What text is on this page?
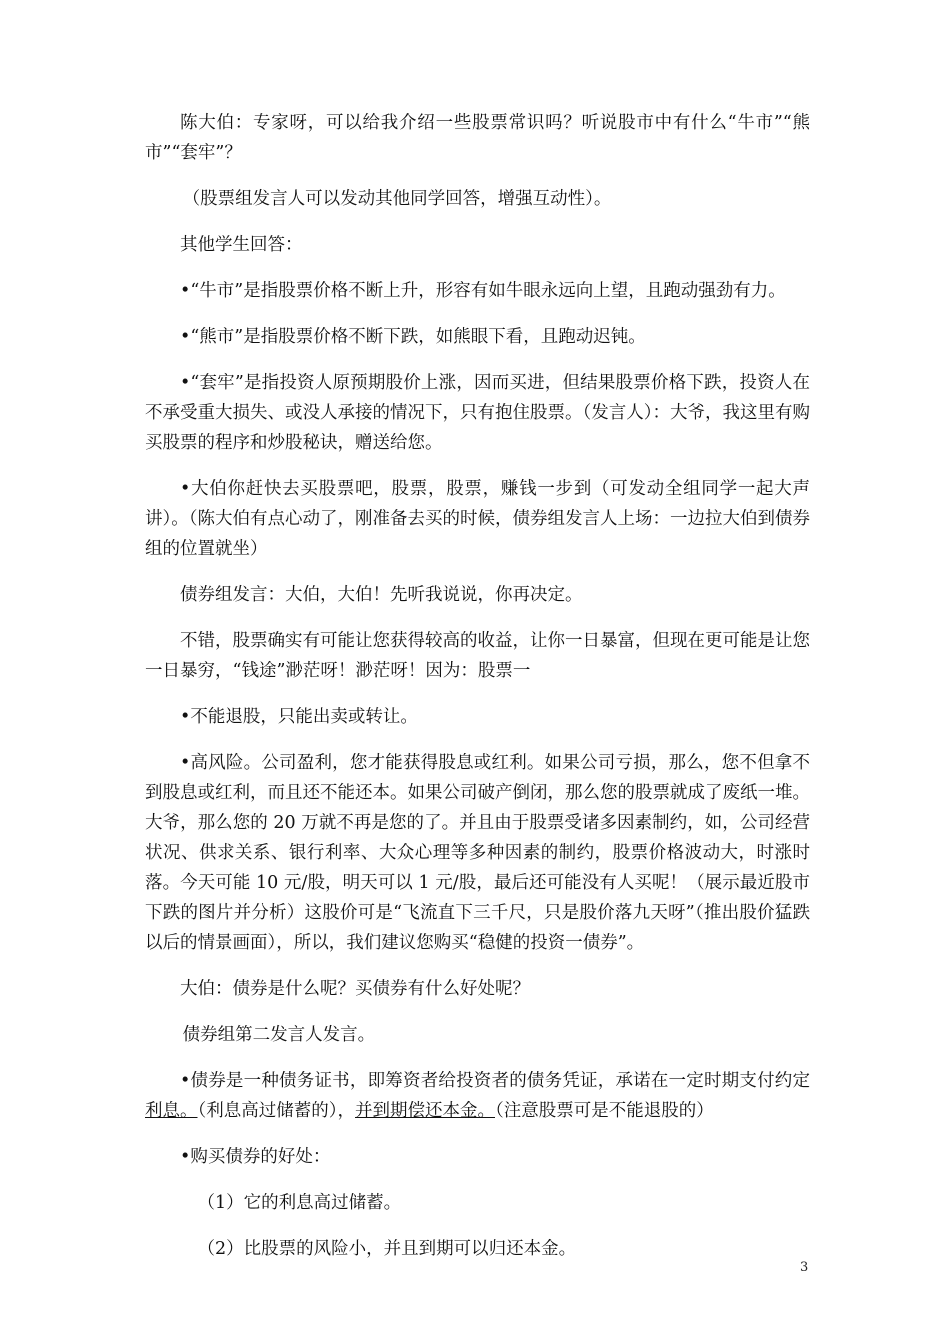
陈大伯：专家呀，可以给我介绍一些股票常识吗？听说股市中有什么“牛市”“熊市”“套牢”？

（股票组发言人可以发动其他同学回答，增强互动性）。

其他学生回答：

•“牛市”是指股票价格不断上升，形容有如牛眼永远向上望，且跑动强劲有力。

•“熊市”是指股票价格不断下跌，如熊眼下看，且跑动迟钝。

•“套牢”是指投资人原预期股价上涨，因而买进，但结果股票价格下跌，投资人在不承受重大损失、或没人承接的情况下，只有抱住股票。（发言人）：大爷，我这里有购买股票的程序和炒股秘诀，赠送给您。

•大伯你赶快去买股票吧，股票，股票，赚钱一步到（可发动全组同学一起大声讲）。（陈大伯有点心动了，刚准备去买的时候，债券组发言人上场：一边拉大伯到债券组的位置就坐）

债券组发言：大伯，大伯！先听我说说，你再决定。

不错，股票确实有可能让您获得较高的收益，让你一日暴富，但现在更可能是让您一日暴穷，“钱途”渺茫呀！渺茫呀！因为：股票一

•不能退股，只能出卖或转让。

•高风险。公司盈利，您才能获得股息或红利。如果公司亏损，那么，您不但拿不到股息或红利，而且还不能还本。如果公司破产倒闭，那么您的股票就成了废纸一堆。大爷，那么您的 20 万就不再是您的了。并且由于股票受诸多因素制约，如，公司经营状况、供求关系、银行利率、大众心理等多种因素的制约，股票价格波动大，时涨时落。今天可能 10 元/股，明天可以 1 元/股，最后还可能没有人买呢！（展示最近股市下跌的图片并分析）这股价可是“飞流直下三千尺，只是股价落九天呀”（推出股价猛跌以后的情景画面），所以，我们建议您购买“稳健的投资一债券”。

大伯：债券是什么呢？买债券有什么好处呢？

债券组第二发言人发言。

•债券是一种债务证书，即筹资者给投资者的债务凭证，承诺在一定时期支付约定利息。（利息高过储蓄的），并到期偿还本金。（注意股票可是不能退股的）

•购买债券的好处：

（1）它的利息高过储蓄。

（2）比股票的风险小，并且到期可以归还本金。

3
